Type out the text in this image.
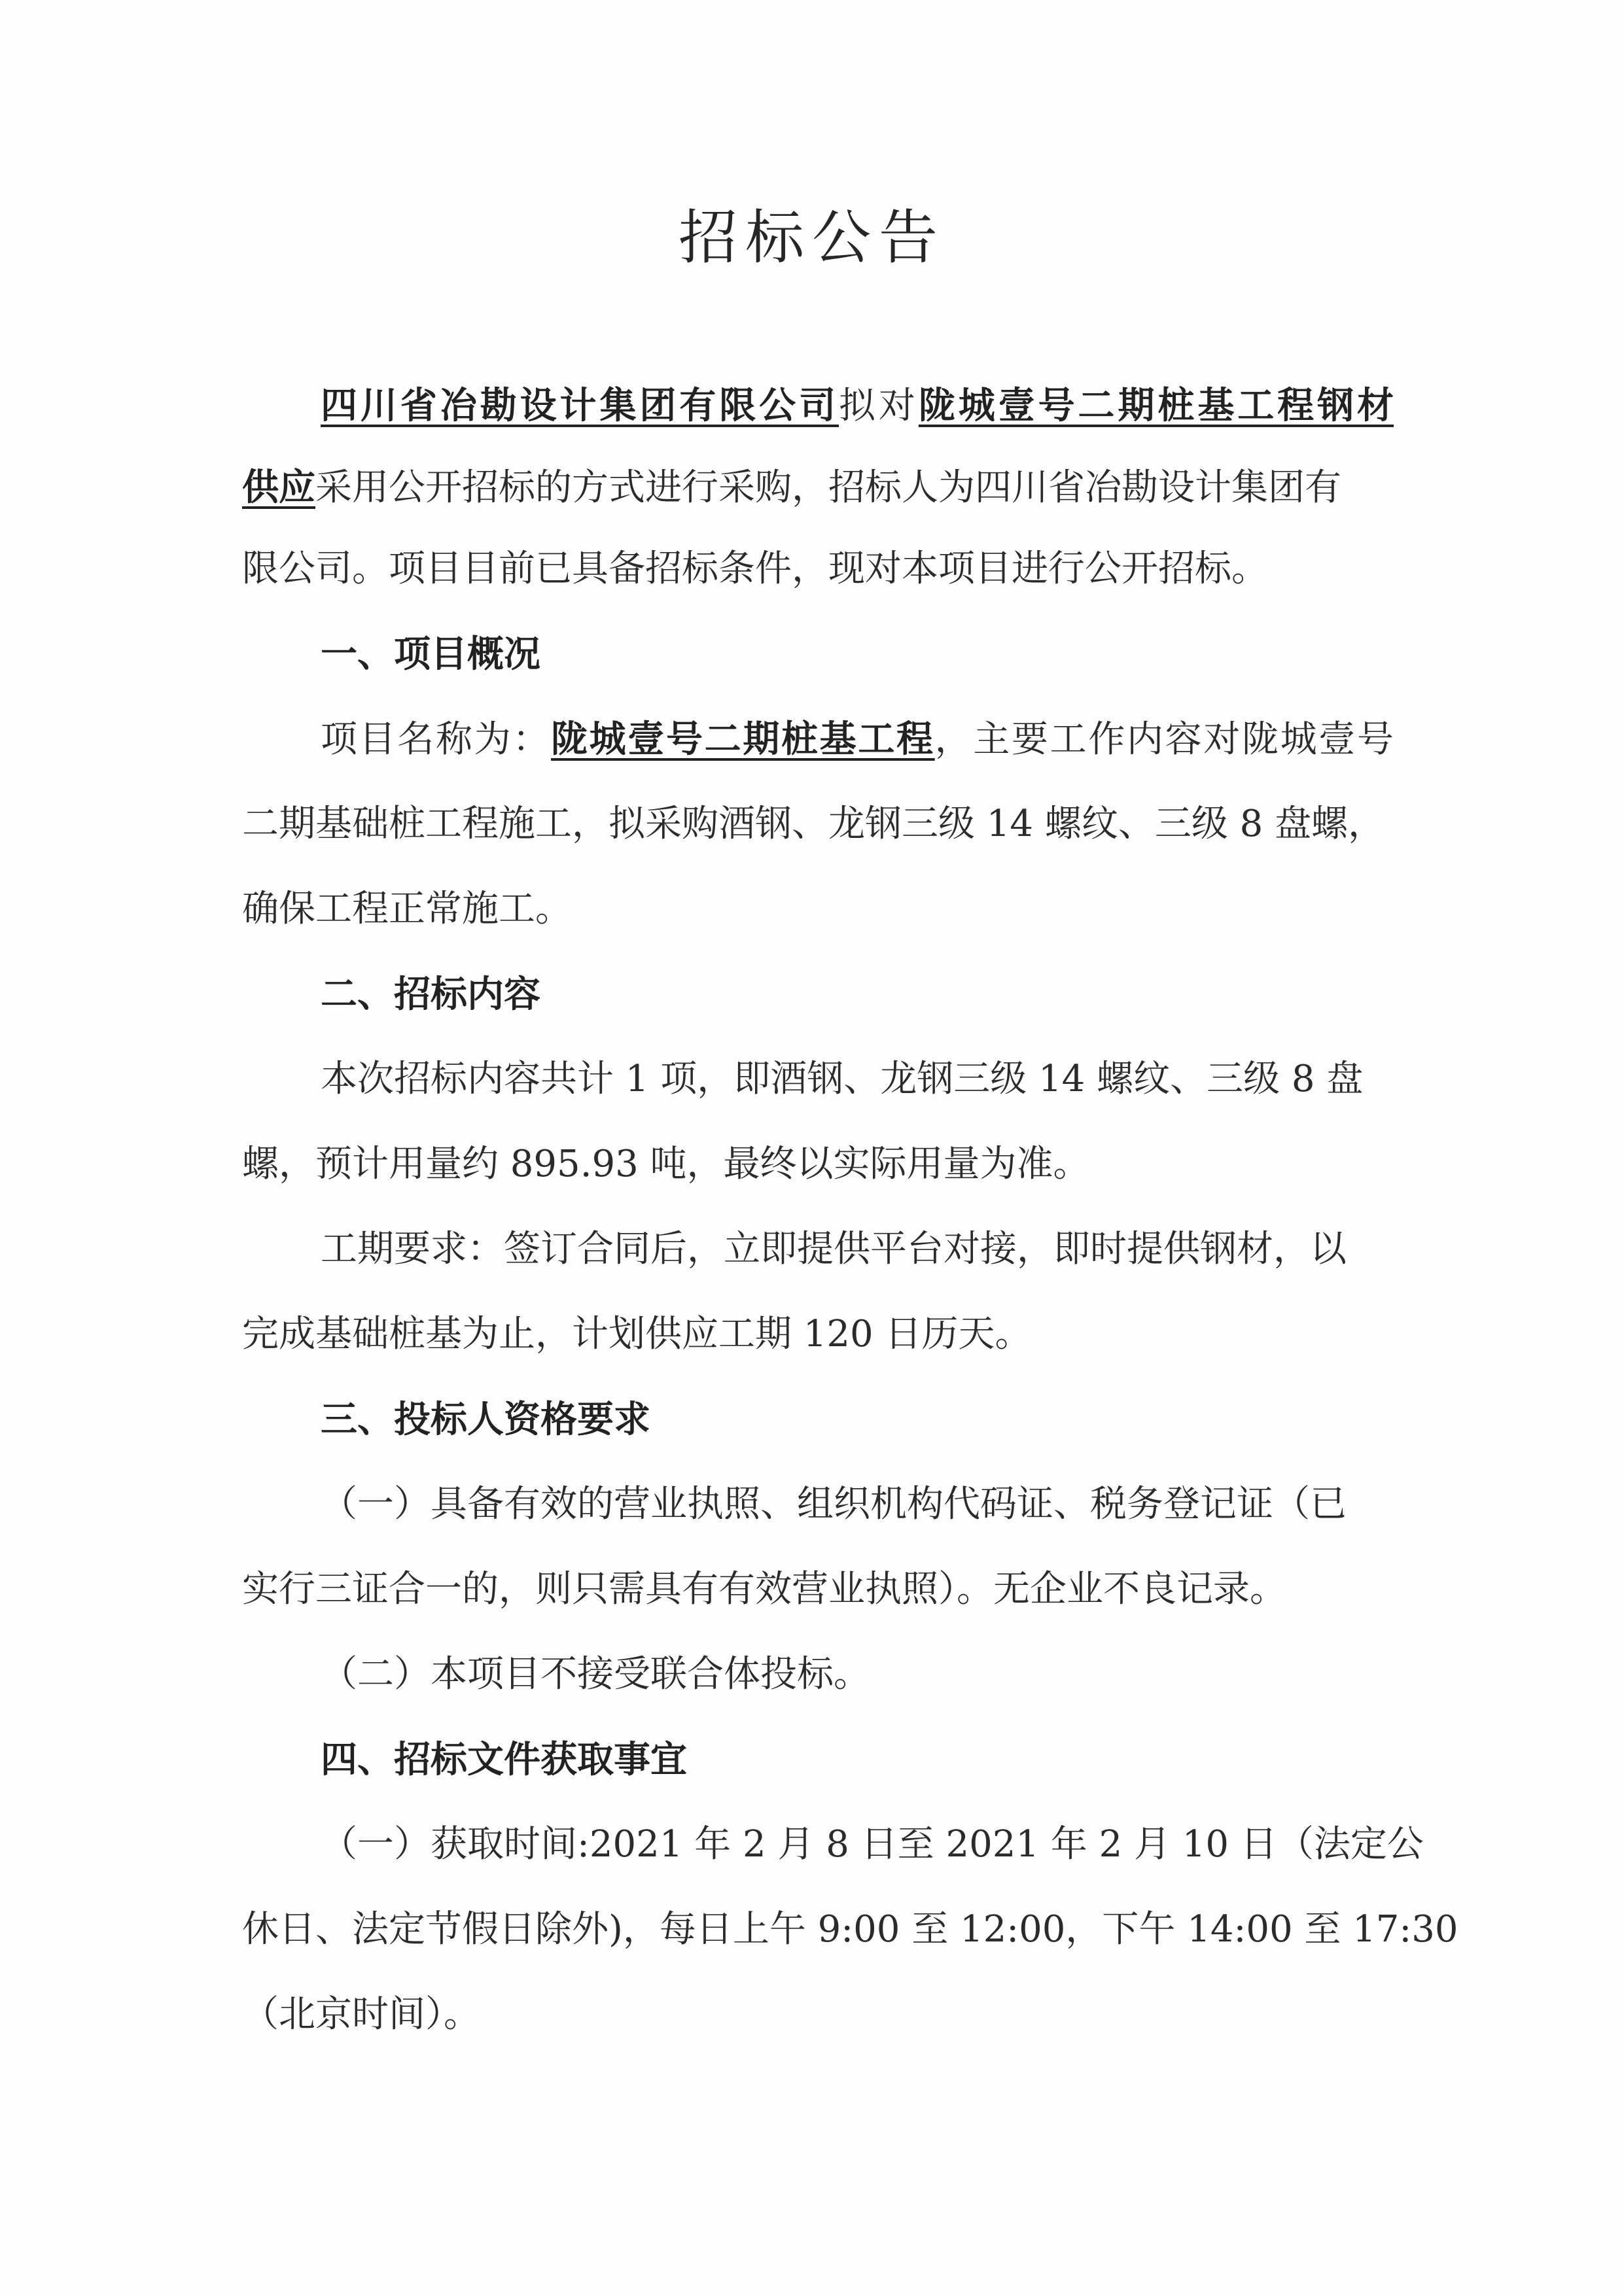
招标公告
四川省冶勘设计集团有限公司拟对陇城壹号二期桩基工程钢材
供应采用公开招标的方式进行采购，招标人为四川省冶勘设计集团有
限公司。项目目前已具备招标条件，现对本项目进行公开招标。
一、项目概况
项目名称为：陇城壹号二期桩基工程，主要工作内容对陇城壹号
二期基础桩工程施工，拟采购酒钢、龙钢三级 14 螺纹、三级 8 盘螺，
确保工程正常施工。
二、招标内容
本次招标内容共计 1 项，即酒钢、龙钢三级 14 螺纹、三级 8 盘
螺，预计用量约 895.93 吨，最终以实际用量为准。
工期要求：签订合同后，立即提供平台对接，即时提供钢材，以
完成基础桩基为止，计划供应工期 120 日历天。
三、投标人资格要求
（一）具备有效的营业执照、组织机构代码证、税务登记证（已
实行三证合一的，则只需具有有效营业执照）。无企业不良记录。
（二）本项目不接受联合体投标。
四、招标文件获取事宜
（一）获取时间:2021 年 2 月 8 日至 2021 年 2 月 10 日（法定公
休日、法定节假日除外)，每日上午 9:00 至 12:00，下午 14:00 至 17:30
（北京时间）。
